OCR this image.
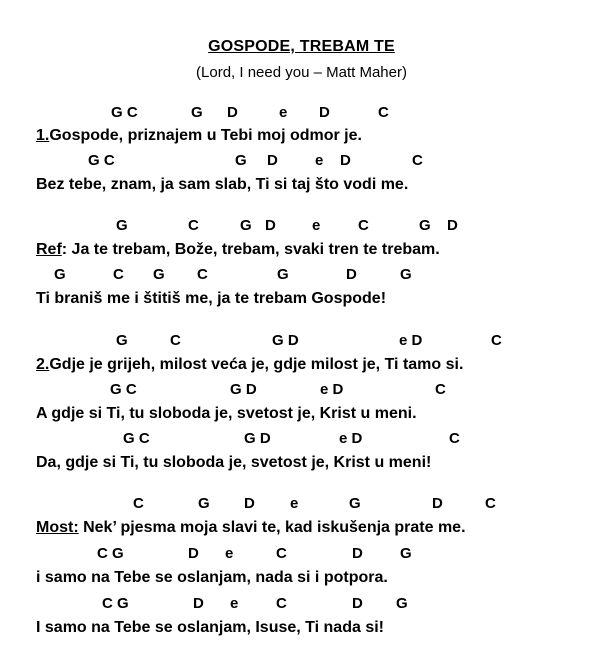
GOSPODE, TREBAM TE
(Lord, I need you – Matt Maher)
G C	G D	e D	C
1.Gospode, priznajem u Tebi moj odmor je.
G C	G D e D	C
Bez tebe, znam, ja sam slab, Ti si taj što vodi me.
G	C	G D e	C	G D
Ref: Ja te trebam, Bože, trebam, svaki tren te trebam.
G	C G C	G	D	G
Ti braniš me i štitiš me, ja te trebam Gospode!
G	C	G D	e D	C
2.Gdje je grijeh, milost veća je, gdje milost je, Ti tamo si.
G C	G D	e D	C
A gdje si Ti, tu sloboda je, svetost je, Krist u meni.
G C	G D	e D	C
Da, gdje si Ti, tu sloboda je, svetost je, Krist u meni!
C	G D e	G	D	C
Most: Nek’ pjesma moja slavi te, kad iskušenja prate me.
C G	D e	C	D G
i samo na Tebe se oslanjam, nada si i potpora.
C G	D e	C	D G
I samo na Tebe se oslanjam, Isuse, Ti nada si!
